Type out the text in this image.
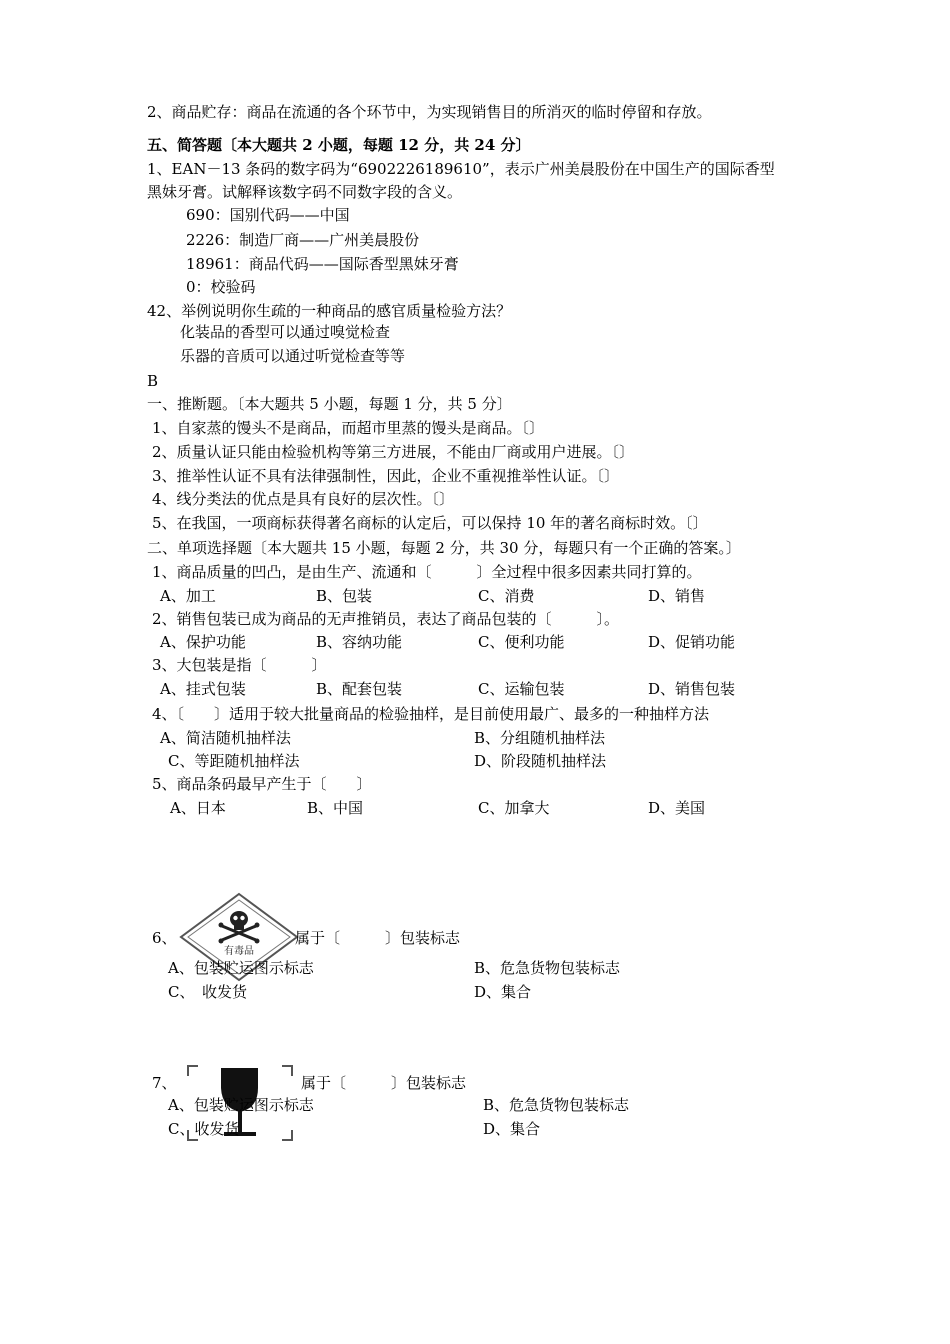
2、商品贮存：商品在流通的各个环节中，为实现销售目的所消灭的临时停留和存放。
五、简答题〔本大题共 2 小题，每题 12 分，共 24 分〕
1、EAN－13 条码的数字码为“6902226189610”，表示广州美晨股份在中国生产的国际香型
黑妹牙膏。试解释该数字码不同数字段的含义。
690：国别代码——中国
2226：制造厂商——广州美晨股份
18961：商品代码——国际香型黑妹牙膏
0：校验码
42、举例说明你生疏的一种商品的感官质量检验方法？
化装品的香型可以通过嗅觉检查
乐器的音质可以通过听觉检查等等
B
一、推断题。〔本大题共 5 小题，每题 1 分，共 5 分〕
1、自家蒸的馒头不是商品，而超市里蒸的馒头是商品。〔〕
2、质量认证只能由检验机构等第三方进展，不能由厂商或用户进展。〔〕
3、推举性认证不具有法律强制性，因此，企业不重视推举性认证。〔〕
4、线分类法的优点是具有良好的层次性。〔〕
5、在我国，一项商标获得著名商标的认定后，可以保持 10 年的著名商标时效。〔〕
二、单项选择题〔本大题共 15 小题，每题 2 分，共 30 分，每题只有一个正确的答案。〕
1、商品质量的凹凸，是由生产、流通和〔　　　〕全过程中很多因素共同打算的。
A、加工	B、包装	C、消费	D、销售
2、销售包装已成为商品的无声推销员，表达了商品包装的〔　　　〕。
A、保护功能	B、容纳功能	C、便利功能	D、促销功能
3、大包装是指〔　　　〕
A、挂式包装	B、配套包装	C、运输包装	D、销售包装
4、〔　　〕适用于较大批量商品的检验抽样，是目前使用最广、最多的一种抽样方法
A、简洁随机抽样法	B、分组随机抽样法
C、等距随机抽样法	D、阶段随机抽样法
5、商品条码最早产生于〔　　〕
A、日本	B、中国	C、加拿大	D、美国
6、
有毒品
属于〔　　　〕包装标志
A、包装贮运图示标志	B、危急货物包装标志
C、　收发货	D、集合
7、	属于〔　　　〕包装标志
A、包装贮运图示标志	B、危急货物包装标志
C、收发货	D、集合
